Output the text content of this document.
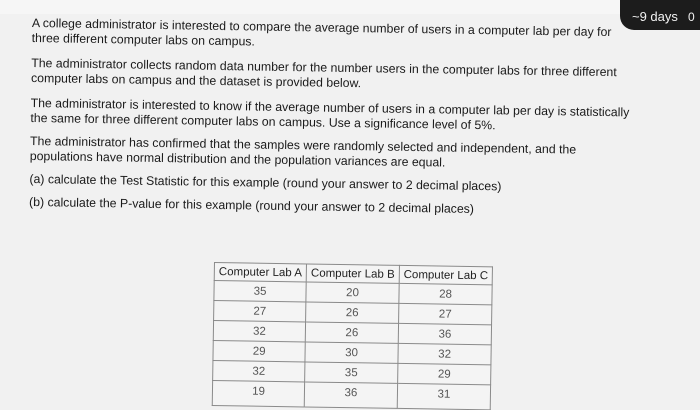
~9 days 0

A college administrator is interested to compare the average number of users in a computer lab per day for three different computer labs on campus.

The administrator collects random data number for the number users in the computer labs for three different computer labs on campus and the dataset is provided below.

The administrator is interested to know if the average number of users in a computer lab per day is statistically the same for three different computer labs on campus. Use a significance level of 5%.

The administrator has confirmed that the samples were randomly selected and independent, and the populations have normal distribution and the population variances are equal.

(a) calculate the Test Statistic for this example (round your answer to 2 decimal places)

(b) calculate the P-value for this example (round your answer to 2 decimal places)

Computer Lab A	Computer Lab B	Computer Lab C
35	20	28
27	26	27
32	26	36
29	30	32
32	35	29
19	36	31
